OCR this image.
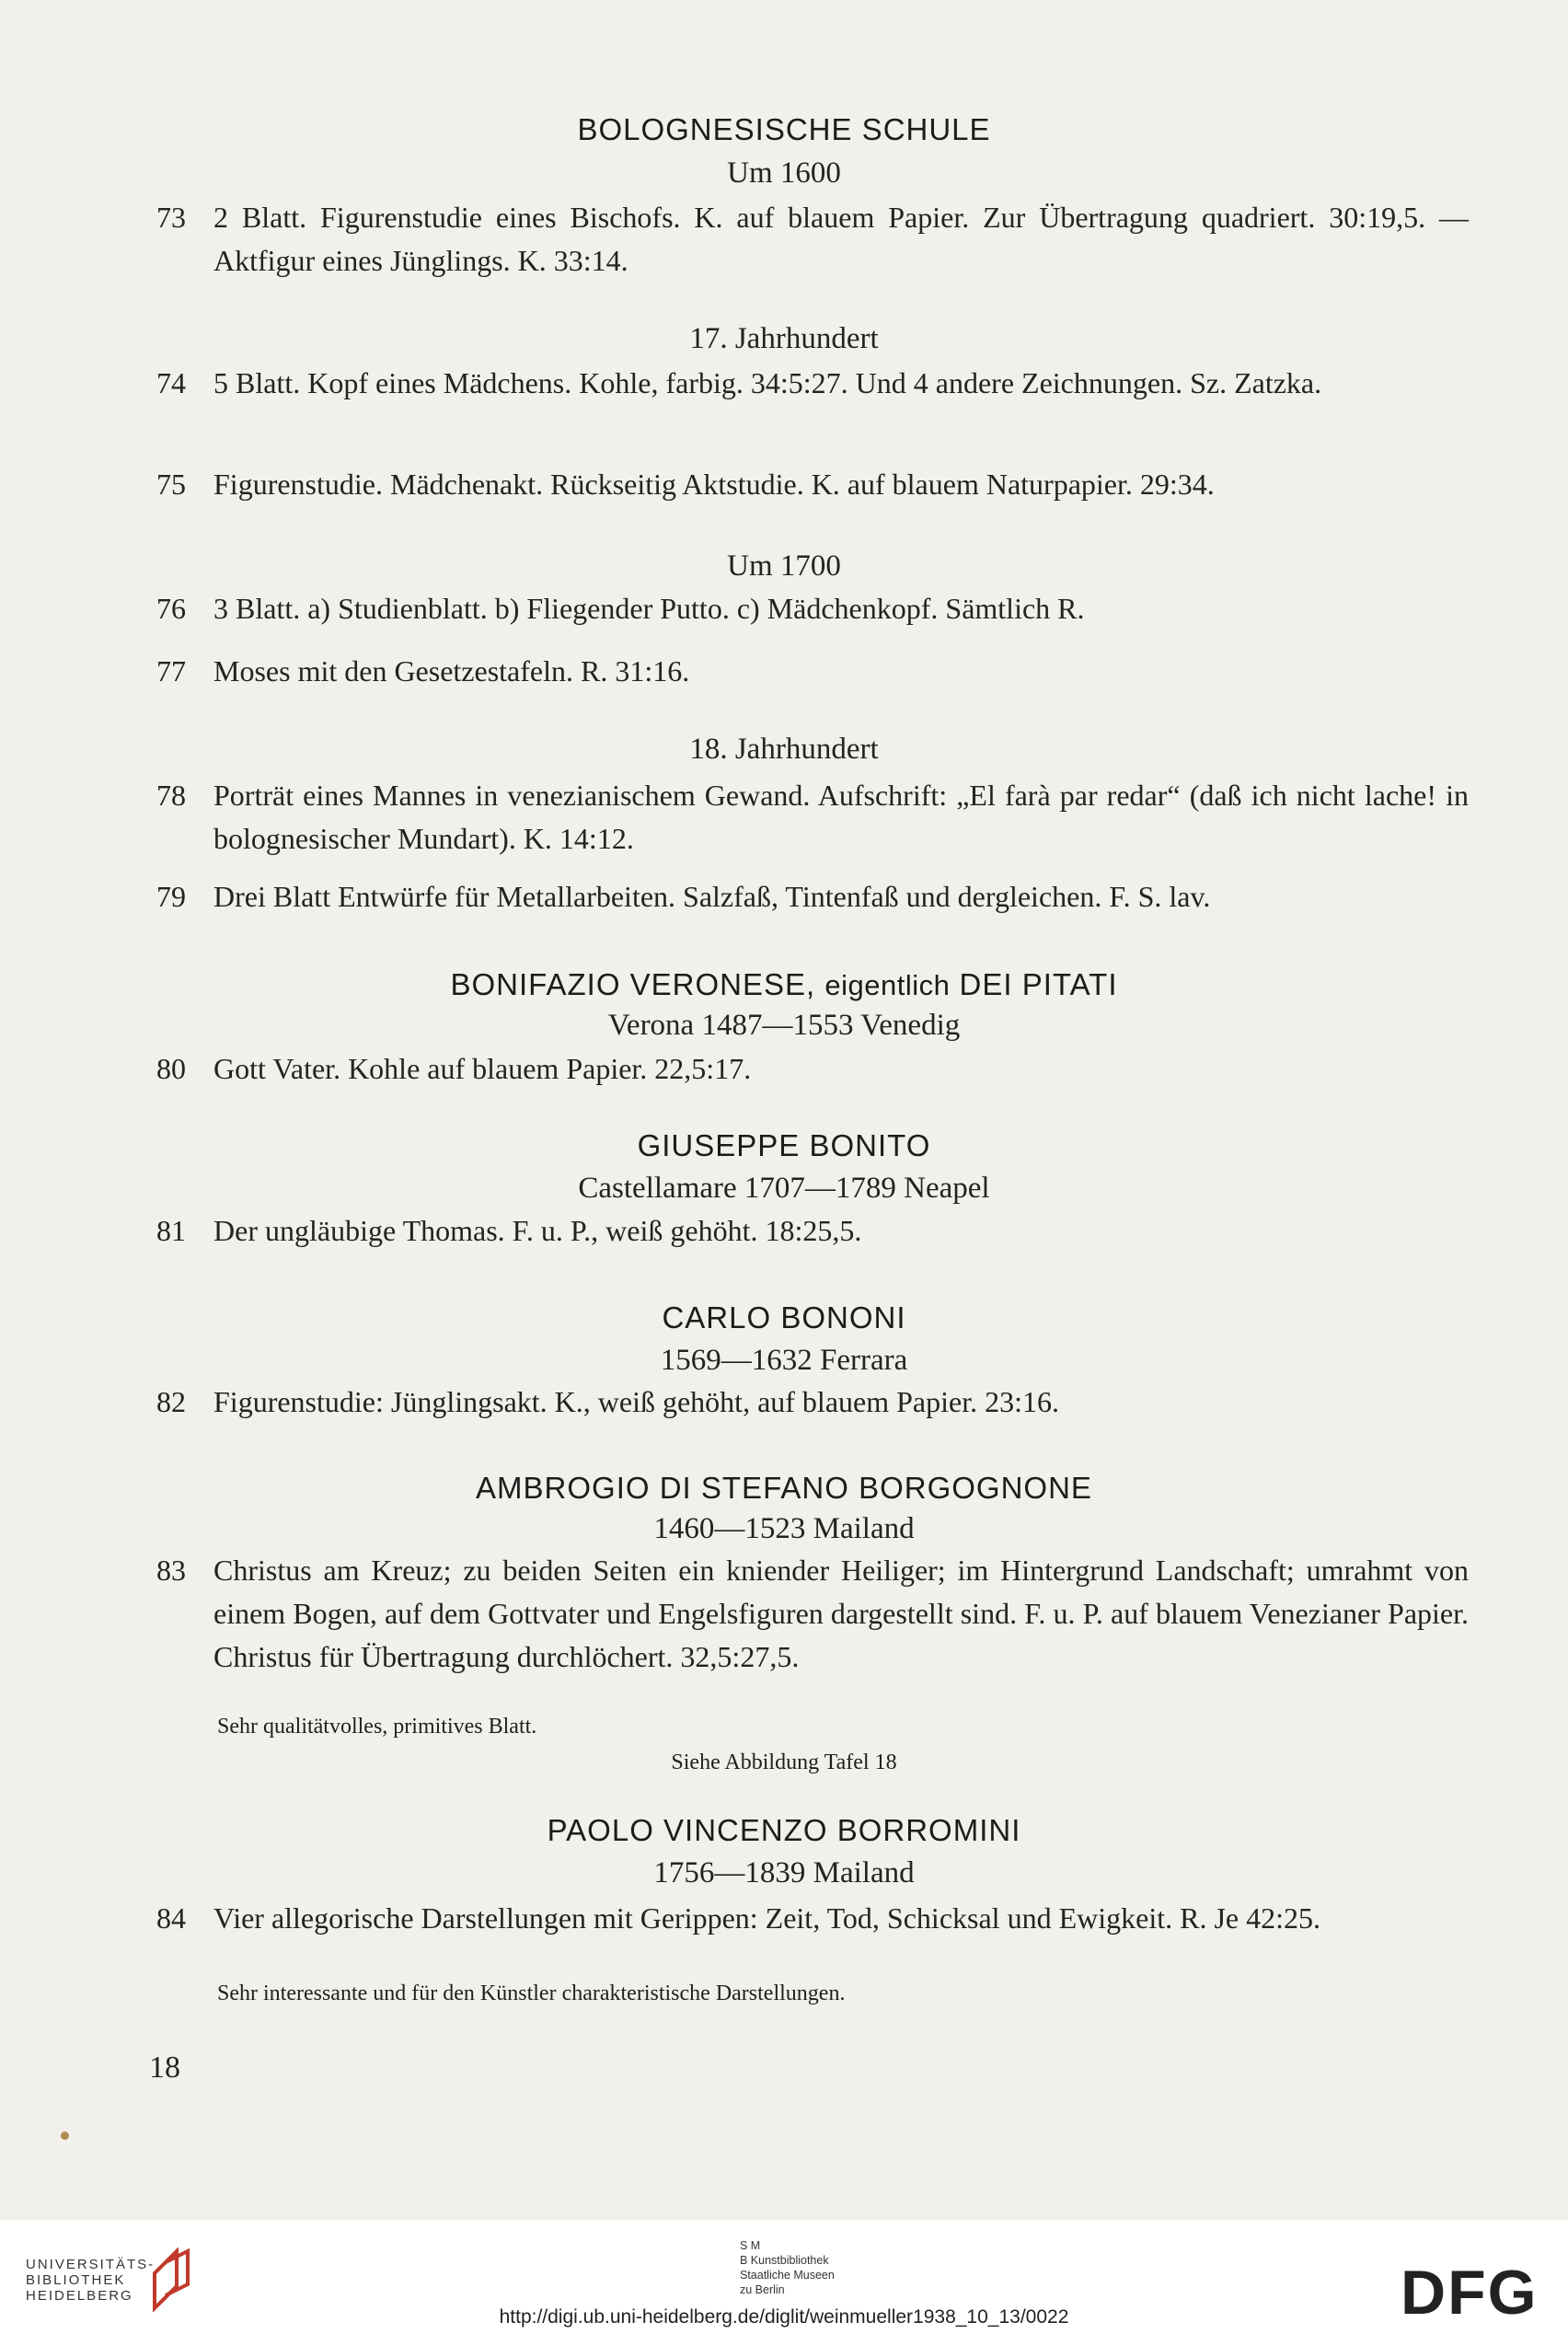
BOLOGNESISCHE SCHULE
Um 1600
73 2 Blatt. Figurenstudie eines Bischofs. K. auf blauem Papier. Zur Übertragung quadriert. 30:19,5. — Aktfigur eines Jünglings. K. 33:14.
17. Jahrhundert
74 5 Blatt. Kopf eines Mädchens. Kohle, farbig. 34:5:27. Und 4 andere Zeichnungen. Sz. Zatzka.
75 Figurenstudie. Mädchenakt. Rückseitig Aktstudie. K. auf blauem Naturpapier. 29:34.
Um 1700
76 3 Blatt. a) Studienblatt. b) Fliegender Putto. c) Mädchenkopf. Sämtlich R.
77 Moses mit den Gesetzestafeln. R. 31:16.
18. Jahrhundert
78 Porträt eines Mannes in venezianischem Gewand. Aufschrift: „El farà par redar“ (daß ich nicht lache! in bolognesischer Mundart). K. 14:12.
79 Drei Blatt Entwürfe für Metallarbeiten. Salzfaß, Tintenfaß und dergleichen. F. S. lav.
BONIFAZIO VERONESE, eigentlich DEI PITATI
Verona 1487—1553 Venedig
80 Gott Vater. Kohle auf blauem Papier. 22,5:17.
GIUSEPPE BONITO
Castellamare 1707—1789 Neapel
81 Der ungläubige Thomas. F. u. P., weiß gehöht. 18:25,5.
CARLO BONONI
1569—1632 Ferrara
82 Figurenstudie: Jünglingsakt. K., weiß gehöht, auf blauem Papier. 23:16.
AMBROGIO DI STEFANO BORGOGNONE
1460—1523 Mailand
83 Christus am Kreuz; zu beiden Seiten ein kniender Heiliger; im Hintergrund Landschaft; umrahmt von einem Bogen, auf dem Gottvater und Engelsfiguren dargestellt sind. F. u. P. auf blauem Venezianer Papier. Christus für Übertragung durchlöchert. 32,5:27,5.
Sehr qualitätvolles, primitives Blatt.
Siehe Abbildung Tafel 18
PAOLO VINCENZO BORROMINI
1756—1839 Mailand
84 Vier allegorische Darstellungen mit Gerippen: Zeit, Tod, Schicksal und Ewigkeit. R. Je 42:25.
Sehr interessante und für den Künstler charakteristische Darstellungen.
18
UNIVERSITÄTS-
BIBLIOTHEK
HEIDELBERG
S M
B Kunstbibliothek
Staatliche Museen
zu Berlin	DFG
http://digi.ub.uni-heidelberg.de/diglit/weinmueller1938_10_13/0022
